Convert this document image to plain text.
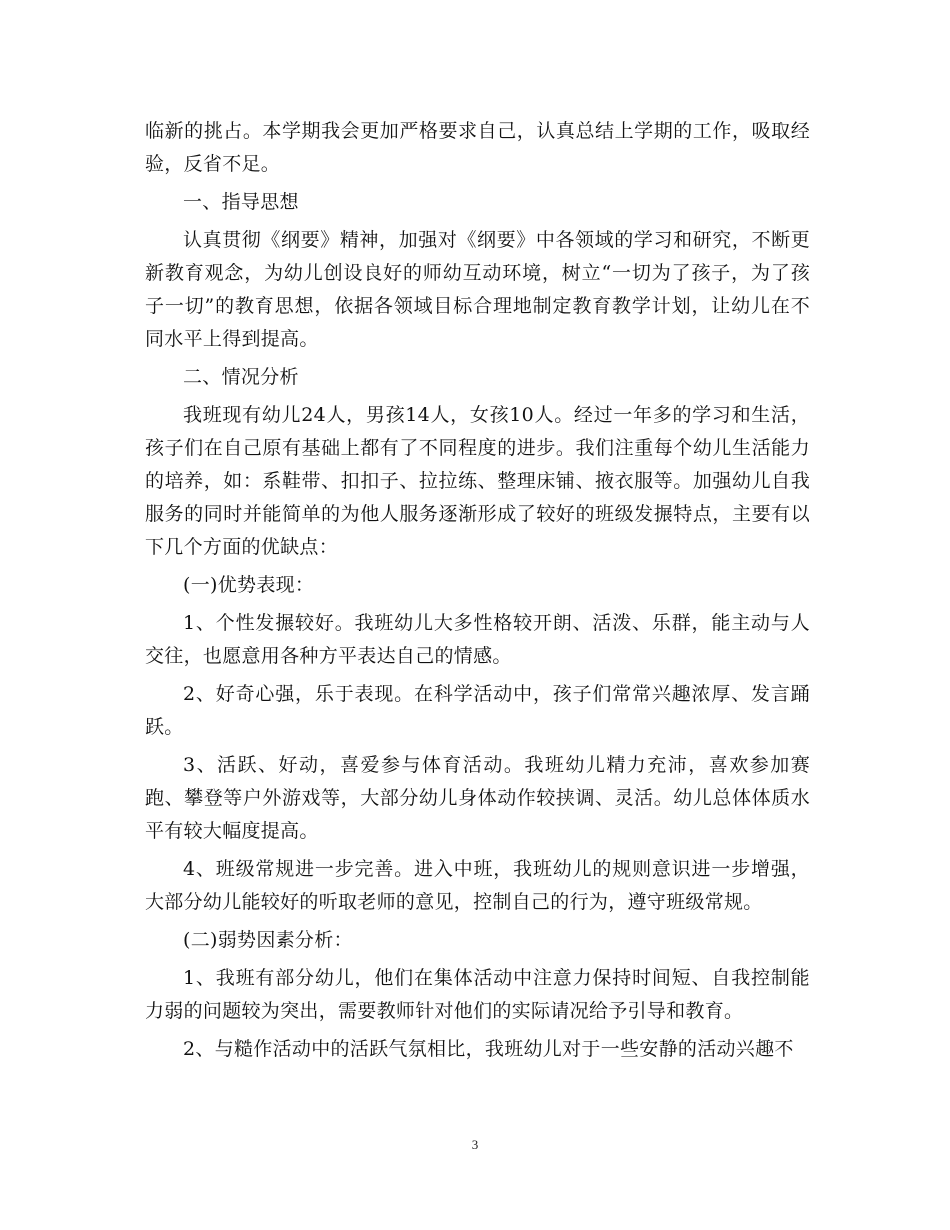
临新的挑占。本学期我会更加严格要求自己，认真总结上学期的工作，吸取经验，反省不足。

一、指导思想

认真贯彻《纲要》精神，加强对《纲要》中各领域的学习和研究，不断更新教育观念，为幼儿创设良好的师幼互动环境，树立“一切为了孩子，为了孩子一切”的教育思想，依据各领域目标合理地制定教育教学计划，让幼儿在不同水平上得到提高。

二、情况分析

我班现有幼儿24人，男孩14人，女孩10人。经过一年多的学习和生活，孩子们在自己原有基础上都有了不同程度的进步。我们注重每个幼儿生活能力的培养，如：系鞋带、扣扣子、拉拉练、整理床铺、掖衣服等。加强幼儿自我服务的同时并能简单的为他人服务逐渐形成了较好的班级发搌特点，主要有以下几个方面的优缺点：

(一)优势表现：

1、个性发搌较好。我班幼儿大多性格较开朗、活泼、乐群，能主动与人交往，也愿意用各种方平表达自己的情感。

2、好奇心强，乐于表现。在科学活动中，孩子们常常兴趣浓厚、发言踊跃。

3、活跃、好动，喜爱参与体育活动。我班幼儿精力充沛，喜欢参加赛跑、攀登等户外游戏等，大部分幼儿身体动作较挟调、灵活。幼儿总体体质水平有较大幅度提高。

4、班级常规进一步完善。进入中班，我班幼儿的规则意识进一步增强，大部分幼儿能较好的听取老师的意见，控制自己的行为，遵守班级常规。

(二)弱势因素分析：

1、我班有部分幼儿，他们在集体活动中注意力保持时间短、自我控制能力弱的问题较为突出，需要教师针对他们的实际请况给予引导和教育。

2、与糙作活动中的活跃气氛相比，我班幼儿对于一些安静的活动兴趣不

3
